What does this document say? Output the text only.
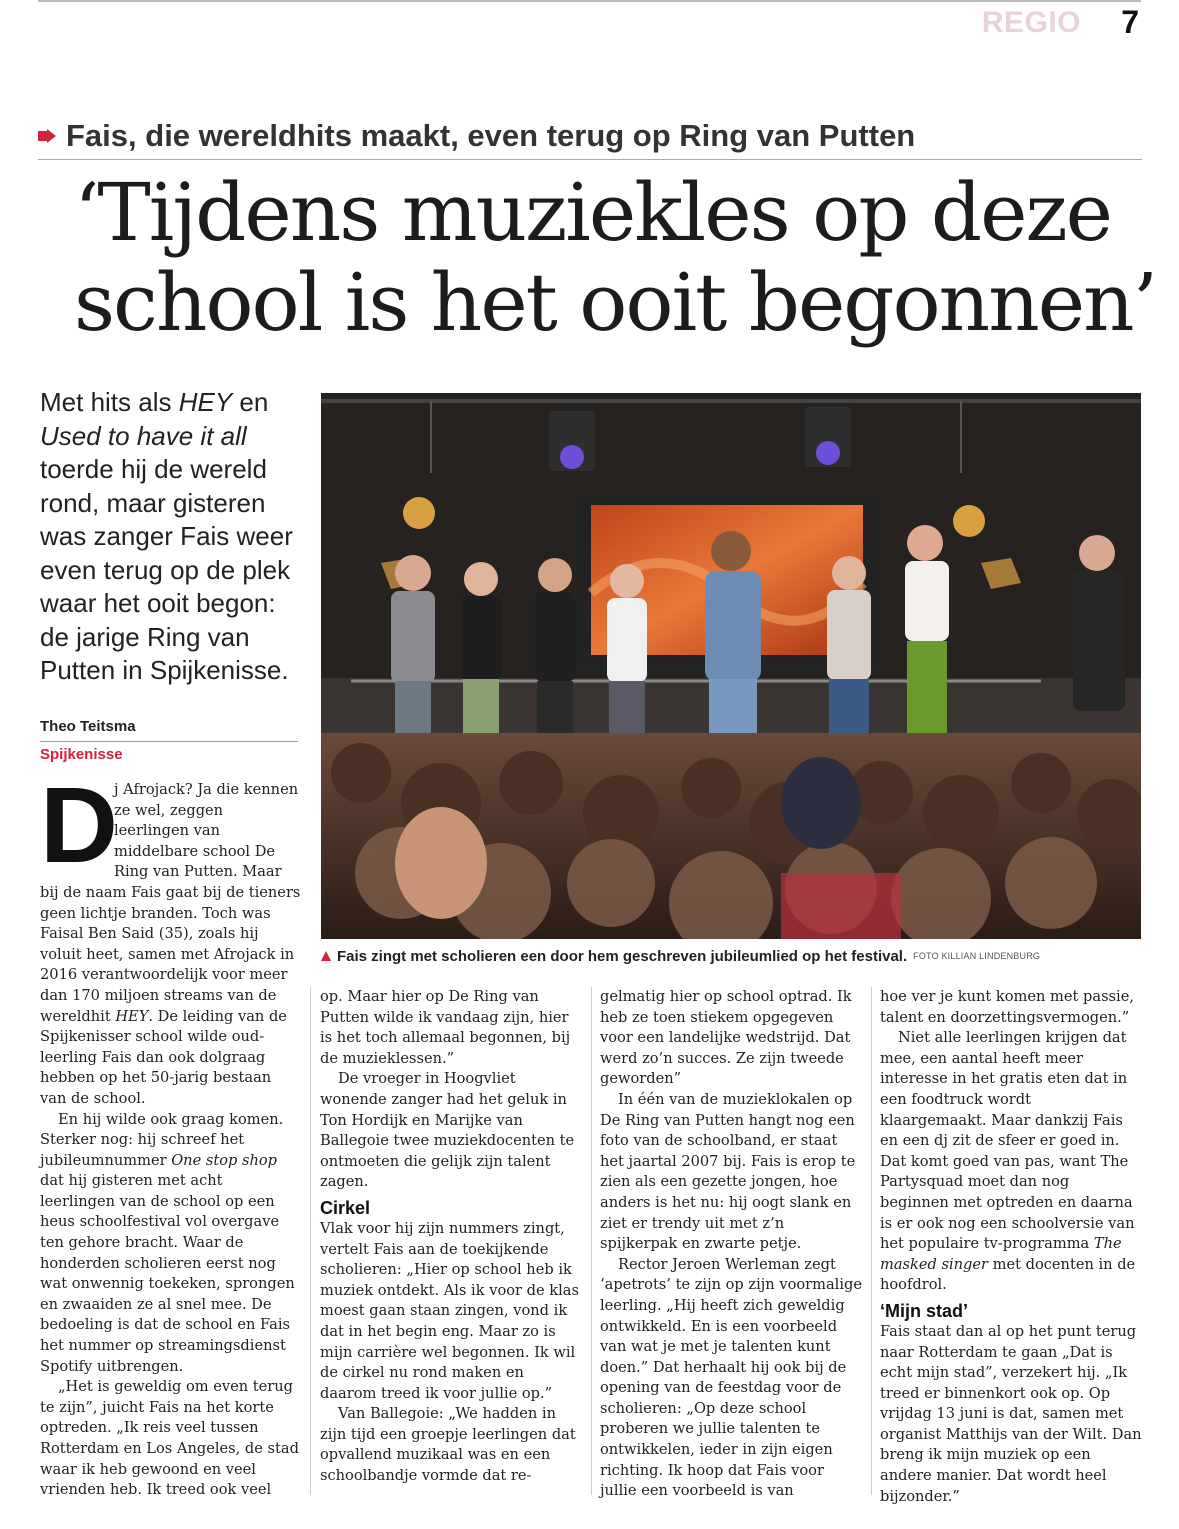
REGIO 7
Fais, die wereldhits maakt, even terug op Ring van Putten
‘Tijdens muziekles op deze
school is het ooit begonnen’
Met hits als HEY en
Used to have it all
toerde hij de wereld
rond, maar gisteren
was zanger Fais weer
even terug op de plek
waar het ooit begon:
de jarige Ring van
Putten in Spijkenisse.
Theo Teitsma
Spijkenisse
Fais zingt met scholieren een door hem geschreven jubileumlied op het festival. FOTO KILLIAN LINDENBURG

D
j Afrojack? Ja die kennen ze wel, zeggen leerlingen van middelbare school De Ring van Putten. Maar bij de naam Fais gaat bij de tieners geen lichtje branden. Toch was Faisal Ben Said (35), zoals hij voluit heet, samen met Afrojack in 2016 verantwoordelijk voor meer dan 170 miljoen streams van de wereldhit HEY. De leiding van de Spijkenisser school wilde oud-leerling Fais dan ook dolgraag hebben op het 50-jarig bestaan van de school.

En hij wilde ook graag komen. Sterker nog: hij schreef het jubileumnummer One stop shop dat hij gisteren met acht leerlingen van de school op een heus schoolfestival vol overgave ten gehore bracht. Waar de honderden scholieren eerst nog wat onwennig toekeken, sprongen en zwaaiden ze al snel mee. De bedoeling is dat de school en Fais het nummer op streamingsdienst Spotify uitbrengen.

„Het is geweldig om even terug te zijn”, juicht Fais na het korte optreden. „Ik reis veel tussen Rotterdam en Los Angeles, de stad waar ik heb gewoond en veel vrienden heb. Ik treed ook veel

op. Maar hier op De Ring van Putten wilde ik vandaag zijn, hier is het toch allemaal begonnen, bij de muzieklessen.”

De vroeger in Hoogvliet wonende zanger had het geluk in Ton Hordijk en Marijke van Ballegoie twee muziekdocenten te ontmoeten die gelijk zijn talent zagen.

Cirkel

Vlak voor hij zijn nummers zingt, vertelt Fais aan de toekijkende scholieren: „Hier op school heb ik muziek ontdekt. Als ik voor de klas moest gaan staan zingen, vond ik dat in het begin eng. Maar zo is mijn carrière wel begonnen. Ik wil de cirkel nu rond maken en daarom treed ik voor jullie op.”

Van Ballegoie: „We hadden in zijn tijd een groepje leerlingen dat opvallend muzikaal was en een schoolbandje vormde dat re-

gelmatig hier op school optrad. Ik heb ze toen stiekem opgegeven voor een landelijke wedstrijd. Dat werd zo’n succes. Ze zijn tweede geworden”

In één van de muzieklokalen op De Ring van Putten hangt nog een foto van de schoolband, er staat het jaartal 2007 bij. Fais is erop te zien als een gezette jongen, hoe anders is het nu: hij oogt slank en ziet er trendy uit met z’n spijkerpak en zwarte petje.

Rector Jeroen Werleman zegt ‘apetrots’ te zijn op zijn voormalige leerling. „Hij heeft zich geweldig ontwikkeld. En is een voorbeeld van wat je met je talenten kunt doen.” Dat herhaalt hij ook bij de opening van de feestdag voor de scholieren: „Op deze school proberen we jullie talenten te ontwikkelen, ieder in zijn eigen richting. Ik hoop dat Fais voor jullie een voorbeeld is van

hoe ver je kunt komen met passie, talent en doorzettingsvermogen.”

Niet alle leerlingen krijgen dat mee, een aantal heeft meer interesse in het gratis eten dat in een foodtruck wordt klaargemaakt. Maar dankzij Fais en een dj zit de sfeer er goed in. Dat komt goed van pas, want The Partysquad moet dan nog beginnen met optreden en daarna is er ook nog een schoolversie van het populaire tv-programma The masked singer met docenten in de hoofdrol.

‘Mijn stad’

Fais staat dan al op het punt terug naar Rotterdam te gaan „Dat is echt mijn stad”, verzekert hij. „Ik treed er binnenkort ook op. Op vrijdag 13 juni is dat, samen met organist Matthijs van der Wilt. Dan breng ik mijn muziek op een andere manier. Dat wordt heel bijzonder.”
